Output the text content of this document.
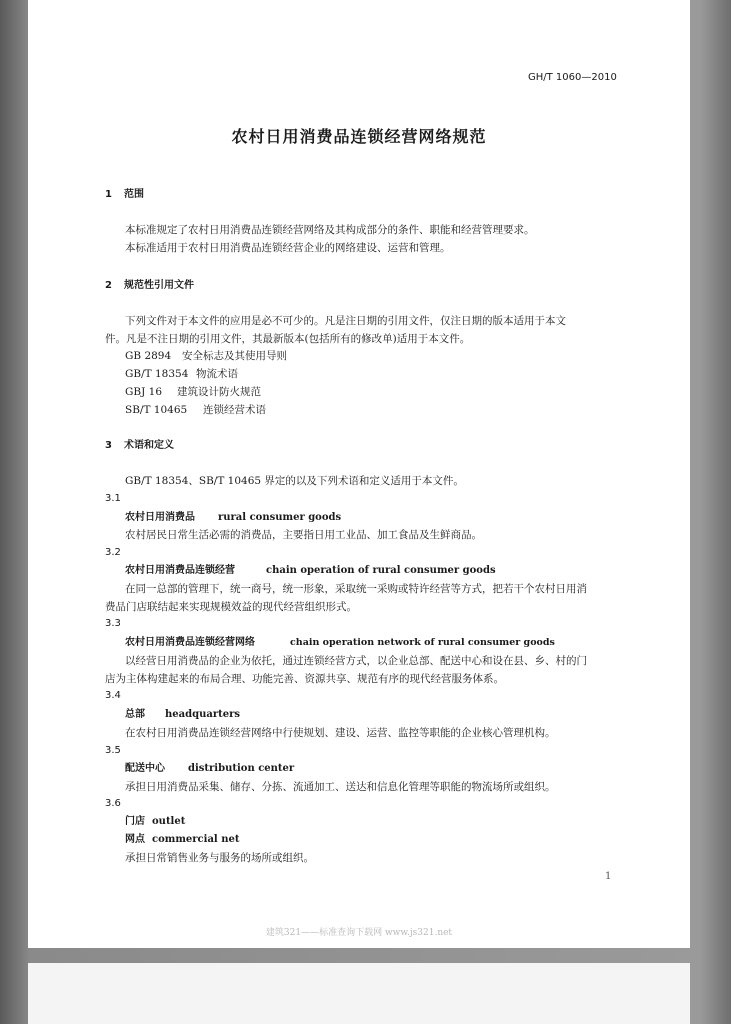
GH/T 1060—2010
农村日用消费品连锁经营网络规范
1 范围
本标准规定了农村日用消费品连锁经营网络及其构成部分的条件、职能和经营管理要求。
本标准适用于农村日用消费品连锁经营企业的网络建设、运营和管理。
2 规范性引用文件
下列文件对于本文件的应用是必不可少的。凡是注日期的引用文件，仅注日期的版本适用于本文
件。凡是不注日期的引用文件，其最新版本(包括所有的修改单)适用于本文件。
GB 2894 安全标志及其使用导则
GB/T 18354 物流术语
GBJ 16 建筑设计防火规范
SB/T 10465 连锁经营术语
3 术语和定义
GB/T 18354、SB/T 10465 界定的以及下列术语和定义适用于本文件。
3.1
农村日用消费品 rural consumer goods
农村居民日常生活必需的消费品，主要指日用工业品、加工食品及生鲜商品。
3.2
农村日用消费品连锁经营	chain operation of rural consumer goods
在同一总部的管理下，统一商号，统一形象，采取统一采购或特许经营等方式，把若干个农村日用消
费品门店联结起来实现规模效益的现代经营组织形式。
3.3
农村日用消费品连锁经营网络	chain operation network of rural consumer goods
以经营日用消费品的企业为依托，通过连锁经营方式，以企业总部、配送中心和设在县、乡、村的门
店为主体构建起来的布局合理、功能完善、资源共享、规范有序的现代经营服务体系。
3.4
总部 headquarters
在农村日用消费品连锁经营网络中行使规划、建设、运营、监控等职能的企业核心管理机构。
3.5
配送中心 distribution center
承担日用消费品采集、储存、分拣、流通加工、送达和信息化管理等职能的物流场所或组织。
3.6
门店 outlet
网点 commercial net
承担日常销售业务与服务的场所或组织。
1
建筑321——标准查询下载网 www.js321.net
